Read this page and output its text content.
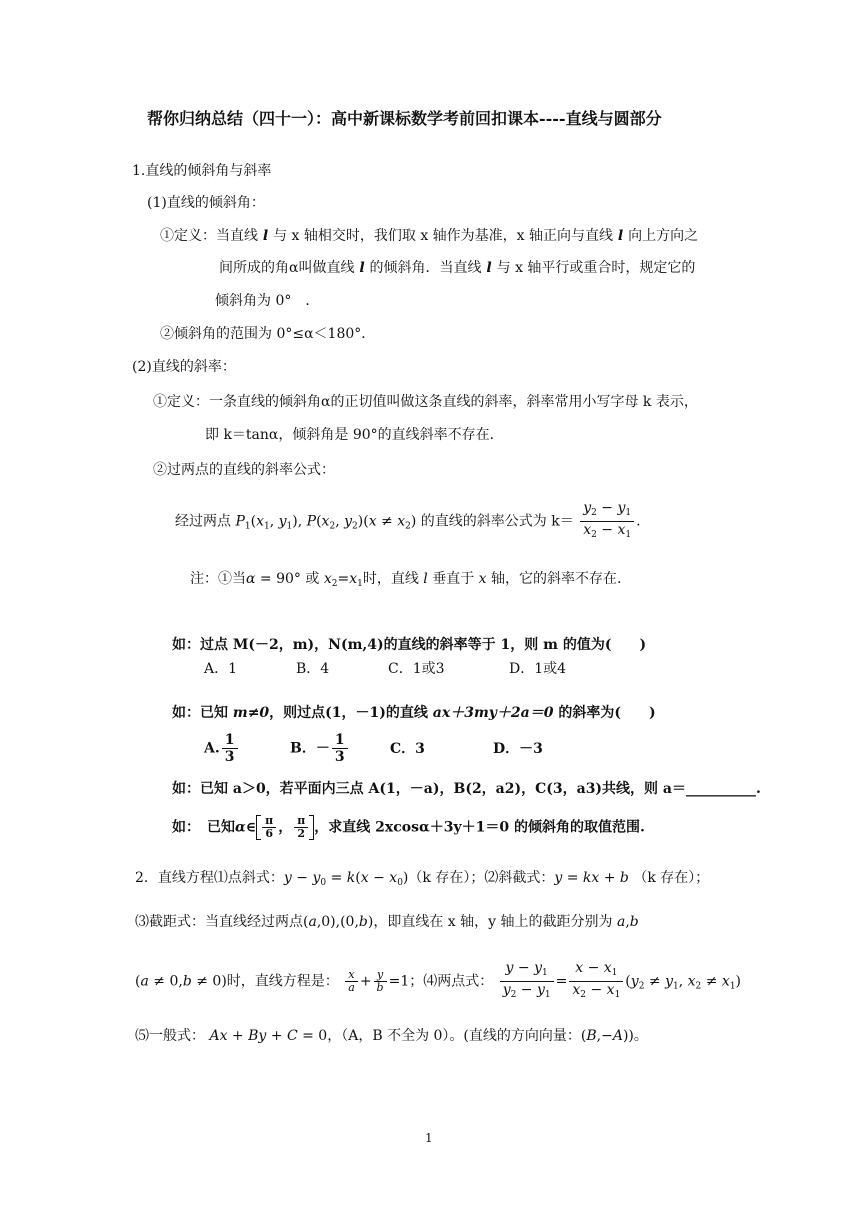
帮你归纳总结（四十一）：高中新课标数学考前回扣课本----直线与圆部分
1.直线的倾斜角与斜率
(1)直线的倾斜角：
①定义：当直线 l 与 x 轴相交时，我们取 x 轴作为基准，x 轴正向与直线 l 向上方向之
间所成的角α叫做直线 l 的倾斜角．当直线 l 与 x 轴平行或重合时，规定它的
倾斜角为 0°　．
②倾斜角的范围为 0°≤α＜180°．
(2)直线的斜率：
①定义：一条直线的倾斜角α的正切值叫做这条直线的斜率，斜率常用小写字母 k 表示，
即 k＝tanα，倾斜角是 90°的直线斜率不存在．
②过两点的直线的斜率公式：
经过两点 $P_1(x_1$, $y_1$), $P(x_2$, $y_2)(x \ne x_2)$ 的直线的斜率公式为 $k= \frac{y_2 - y_1}{x_2 - x_1}$ .
注：①当α = 90° 或 $x_2=x_1$时，直线 l 垂直于 x 轴，它的斜率不存在.
如：过点 M(－2，m)，N(m,4)的直线的斜率等于 1，则 m 的值为(　　)
A．1	B．4	C．1或3	D．1或4
如：已知 m≠0，则过点(1，－1)的直线 ax＋3my＋2a＝0 的斜率为(　　)
A. $\frac{1}{3}$	B．－ $\frac{1}{3}$	C．3	D．－3
如：已知 a＞0，若平面内三点 A(1，－a)，B(2，a2)，C(3，a3)共线，则 a＝__________.
如：　已知α∈ $\frac{\pi}{6}$ ， $\frac{\pi}{2}$ ，求直线 2xcosα＋3y＋1＝0 的倾斜角的取值范围.
2．直线方程⑴点斜式：$y - y_0 = k(x - x_0)(k$ 存在）；⑵斜截式：y = kx + b （k 存在）；
⑶截距式：当直线经过两点(a,0),(0,b)，即直线在 x 轴，y 轴上的截距分别为 a,b
(a ≠ 0,b ≠ 0)时，直线方程是： $\frac{x}{a} + \frac{y}{b} =1$；⑷两点式： $\frac{y - y_1}{y_2 - y_1} = \frac{x - x_1}{x_2 - x_1} (y_2 \ne y_1$, $x_2 \ne x_1$)
⑸一般式： Ax + By + C = 0，（A，B 不全为 0）。(直线的方向向量：(B,−A))。
1
